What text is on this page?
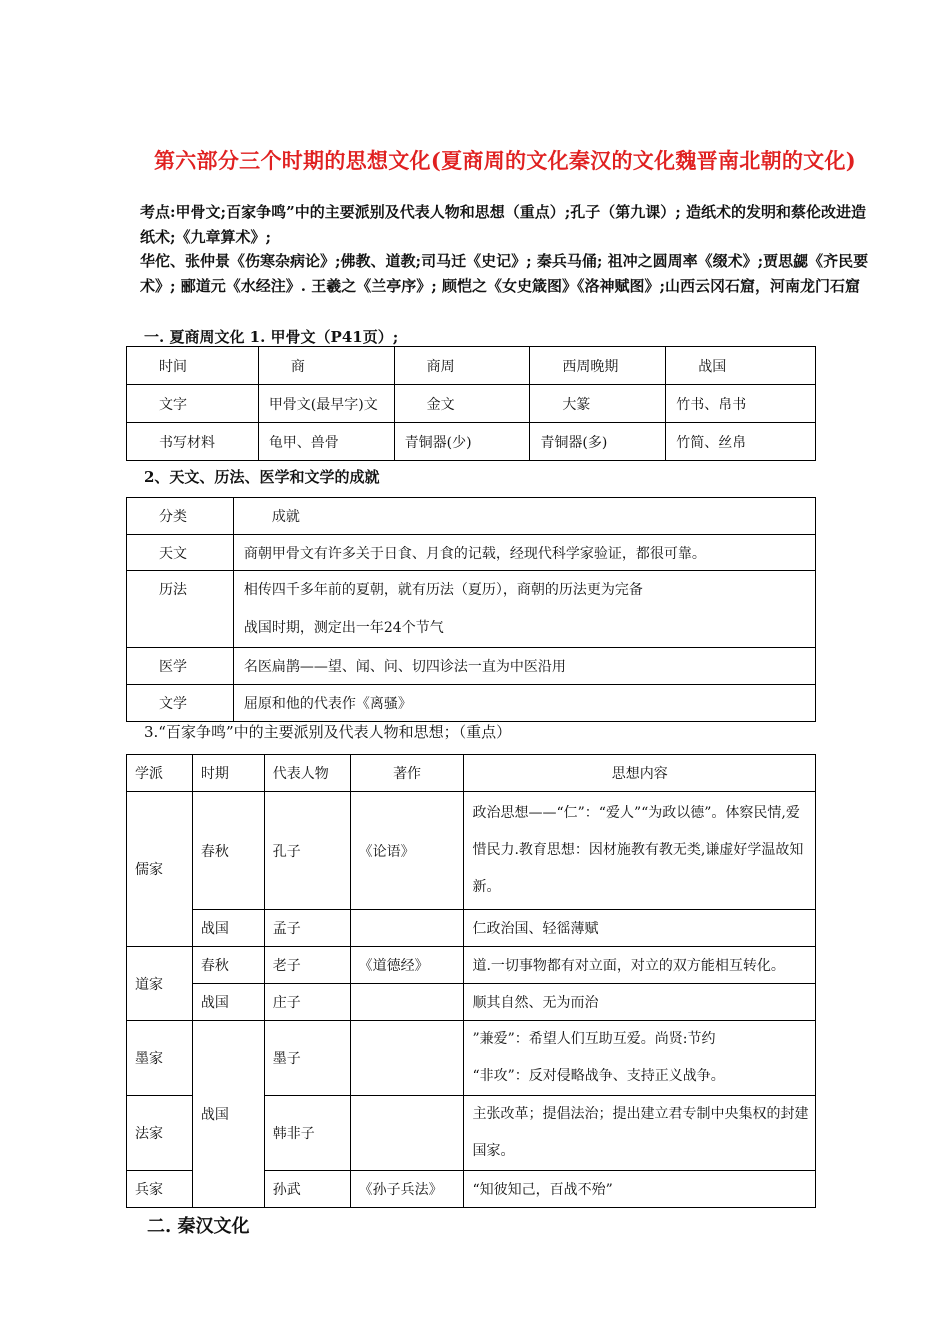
第六部分三个时期的思想文化(夏商周的文化秦汉的文化魏晋南北朝的文化)
考点:甲骨文;百家争鸣”中的主要派别及代表人物和思想（重点）;孔子（第九课）; 造纸术的发明和蔡伦改进造纸术;《九章算术》;
华佗、张仲景《伤寒杂病论》;佛教、道教;司马迁《史记》; 秦兵马俑; 祖冲之圆周率《缀术》;贾思勰《齐民要术》; 郦道元《水经注》. 王羲之《兰亭序》; 顾恺之《女史箴图》《洛神赋图》;山西云冈石窟，河南龙门石窟
一. 夏商周文化 1. 甲骨文（P41页）;
时间	商	商周	西周晚期	战国
文字	甲骨文(最早字)文	金文	大篆	竹书、帛书
书写材料	龟甲、兽骨	青铜器(少)	青铜器(多)	竹简、丝帛
2、天文、历法、医学和文学的成就
分类	成就
天文	商朝甲骨文有许多关于日食、月食的记载，经现代科学家验证，都很可靠。
历法	相传四千多年前的夏朝，就有历法（夏历），商朝的历法更为完备
战国时期，测定出一年24个节气

医学	名医扁鹊——望、闻、问、切四诊法一直为中医沿用
文学	屈原和他的代表作《离骚》
3.“百家争鸣”中的主要派别及代表人物和思想；（重点）
学派	时期	代表人物	著作	思想内容
儒家	春秋	孔子	《论语》	政治思想——“仁”：“爱人”“为政以德”。体察民情,爱惜民力.教育思想：因材施教有教无类,谦虚好学温故知新。
	战国	孟子		仁政治国、轻徭薄赋
道家	春秋	老子	《道德经》	道.一切事物都有对立面，对立的双方能相互转化。
	战国	庄子		顺其自然、无为而治
墨家	战国	墨子		”兼爱”：希望人们互助互爱。尚贤:节约
“非攻”：反对侵略战争、支持正义战争。

法家		韩非子		主张改革；提倡法治；提出建立君专制中央集权的封建国家。
兵家		孙武	《孙子兵法》	“知彼知己，百战不殆”
二. 秦汉文化
